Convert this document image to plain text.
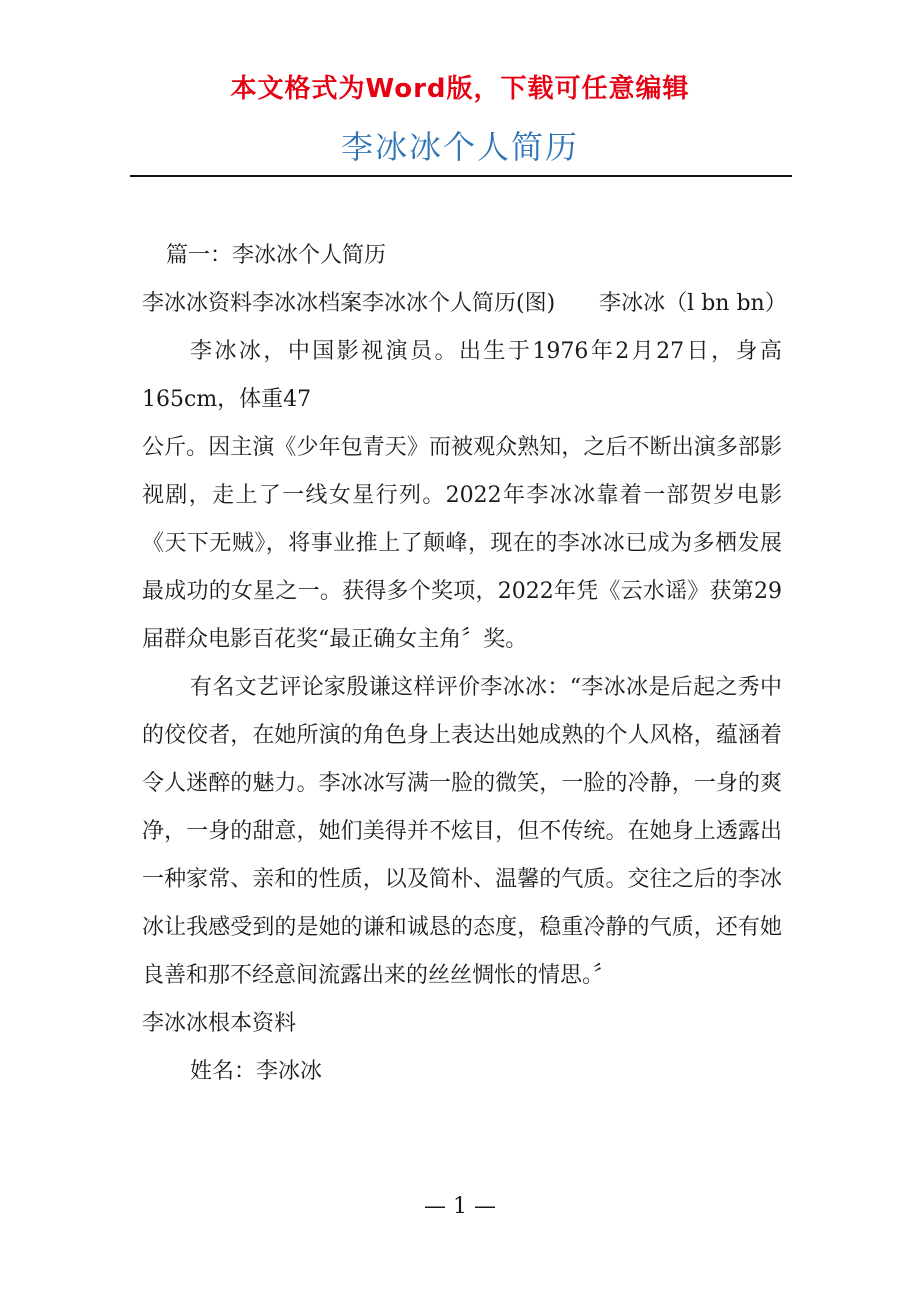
本文格式为Word版，下载可任意编辑
李冰冰个人简历

篇一：李冰冰个人简历

李冰冰资料李冰冰档案李冰冰个人简历(图)　　李冰冰（l bn bn）

李冰冰，中国影视演员。出生于1976年2月27日，身高165cm，体重47

公斤。因主演《少年包青天》而被观众熟知，之后不断出演多部影视剧，走上了一线女星行列。2022年李冰冰靠着一部贺岁电影《天下无贼》，将事业推上了颠峰，现在的李冰冰已成为多栖发展最成功的女星之一。获得多个奖项，2022年凭《云水谣》获第29届群众电影百花奖“最正确女主角〞奖。

有名文艺评论家殷谦这样评价李冰冰：“李冰冰是后起之秀中的佼佼者，在她所演的角色身上表达出她成熟的个人风格，蕴涵着令人迷醉的魅力。李冰冰写满一脸的微笑，一脸的冷静，一身的爽净，一身的甜意，她们美得并不炫目，但不传统。在她身上透露出一种家常、亲和的性质，以及简朴、温馨的气质。交往之后的李冰冰让我感受到的是她的谦和诚恳的态度，稳重冷静的气质，还有她良善和那不经意间流露出来的丝丝惆怅的情思。〞

李冰冰根本资料

姓名：李冰冰

— 1 —
